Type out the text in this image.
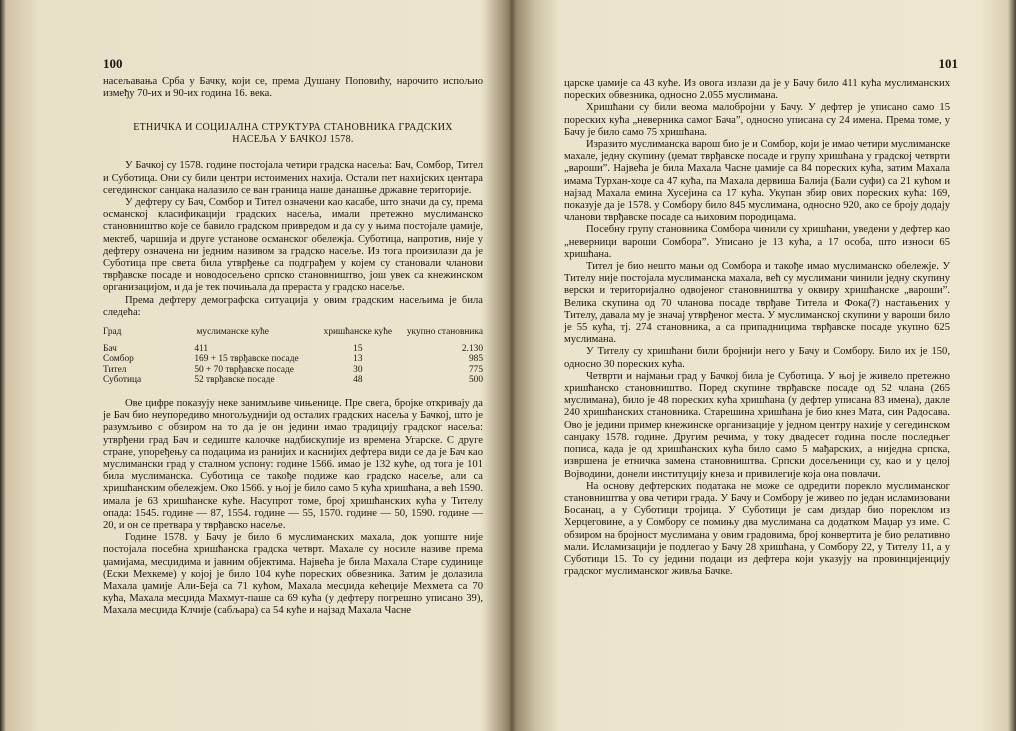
100

насељавања Срба у Бачку, који се, према Душану Поповићу, нарочито испољио између 70-их и 90-их година 16. века.

ЕТНИЧКА И СОЦИЈАЛНА СТРУКТУРА СТАНОВНИКА ГРАДСКИХ НАСЕЉА У БАЧКОЈ 1578.

У Бачкој су 1578. године постојала четири градска насеља: Бач, Сомбор, Тител и Суботица. Они су били центри истоимених нахија. Остали пет нахијских центара сегединског санџака налазило се ван граница наше данашње државне територије.

У дефтеру су Бач, Сомбор и Тител означени као касабе, што значи да су, према османској класификацији градских насеља, имали претежно муслиманско становништво које се бавило градском привредом и да су у њима постојале џамије, мектеб, чаршија и друге установе османског обележја. Суботица, напротив, није у дефтеру означена ни једним називом за градско насеље. Из тога произилази да је Суботица пре света била утврђење са подграђем у којем су становали чланови тврђавске посаде и новодосељено српско становништво, још увек са кнежинском организацијом, и да је тек почињала да прераста у градско насеље.

Према дефтеру демографска ситуација у овим градским насељима је била следећа:

Град	муслиманске куће	хришћанске куће	укупно становника
Бач	411	15	2.130
Сомбор	169 + 15 тврђавске посаде	13	985
Тител	50 + 70 тврђавске посаде	30	775
Суботица	52 тврђавске посаде	48	500

Ове цифре показују неке занимљиве чињенице. Пре свега, бројке откривају да је Бач био неупоредиво многољуднији од осталих градских насеља у Бачкој, што је разумљиво с обзиром на то да је он једини имао традицију градског насеља: утврђени град Бач и седиште калочке надбискупије из времена Угарске. С друге стране, упоређењу са подацима из ранијих и каснијих дефтера види се да је Бач као муслимански град у сталном успону: године 1566. имао је 132 куће, од тога је 101 била муслиманска. Суботица се такође подиже као градско насеље, али са хришћанским обележјем. Око 1566. у њој је било само 5 кућа хришћана, а већ 1590. имала је 63 хришћанске куће. Насупрот томе, број хришћанских кућа у Тителу опада: 1545. године — 87, 1554. године — 55, 1570. године — 50, 1590. године — 20, и он се претвара у тврђавско насеље.

Године 1578. у Бачу је било 6 муслиманских махала, док уопште није постојала посебна хришћанска градска четврт. Махале су носиле називе према џамијама, месџидима и јавним објектима. Највећа је била Махала Старе судинице (Ески Мехкеме) у којој је било 104 куће пореских обвезника. Затим је долазила Махала џамије Али-Беја са 71 кућом, Махала месџида кећецијe Мехмета са 70 кућа, Махала месџида Махмут-паше са 69 кућа (у дефтеру погрешно уписано 39), Махала месџида Клчије (сабљара) са 54 куће и најзад Махала Часне

101

царске џамије са 43 куће. Из овога излази да је у Бачу било 411 кућа муслиманских пореских обвезника, односно 2.055 муслимана.

Хришћани су били веома малобројни у Бачу. У дефтер је уписано само 15 пореских кућа „неверника самог Бача”, односно уписана су 24 имена. Према томе, у Бачу је било само 75 хришћана.

Изразито муслиманска варош био је и Сомбор, који је имао четири муслиманске махале, једну скупину (џемат тврђавске посаде и групу хришћана у градској четврти „вароши”. Највећа је била Махала Часне џамије са 84 пореских кућа, затим Махала имама Турхан-хоџе са 47 кућа, па Махала дервиша Балија (Бали суфи) са 21 кућом и најзад Махала емина Хусејина са 17 кућа. Укупан збир ових пореских кућа: 169, показује да је 1578. у Сомбору било 845 муслимана, односно 920, ако се броју додају чланови тврђавске посаде са њиховим породицама.

Посебну групу становника Сомбора чинили су хришћани, уведени у дефтер као „неверници вароши Сомбора”. Уписано је 13 кућа, а 17 особа, што износи 65 хришћана.

Тител је био нешто мањи од Сомбора и такође имао муслиманско обележје. У Тителу није постојала муслиманска махала, већ су муслимани чинили једну скупину верски и територијално одвојеног становништва у оквиру хришћанске „вароши”. Велика скупина од 70 чланова посаде тврђаве Титела и Фока(?) настањених у Тителу, давала му је значај утврђеног места. У муслиманској скупини у вароши било је 55 кућа, тј. 274 становника, а са припадницима тврђавске посаде укупно 625 муслимана.

У Тителу су хришћани били бројнији него у Бачу и Сомбору. Било их је 150, односно 30 пореских кућа.

Четврти и најмањи град у Бачкој била је Суботица. У њој је живело претежно хришћанско становништво. Поред скупине тврђавске посаде од 52 члана (265 муслимана), било је 48 пореских кућа хришћана (у дефтер уписана 83 имена), дакле 240 хришћанских становника. Старешина хришћана је био кнез Мата, син Радосава. Ово је једини пример кнежинске организације у једном центру нахије у сегединском санџаку 1578. године. Другим речима, у току двадесет година после последњег пописа, када је од хришћанских кућа било само 5 мађарских, а ниједна српска, извршена је етничка замена становништва. Српски досељеници су, као и у целој Војводини, донели институцију кнеза и привилегије која она повлачи.

На основу дефтерских података не може се одредити порекло муслиманског становништва у ова четири града. У Бачу и Сомбору је живео по један исламизовани Босанац, а у Суботици тројица. У Суботици је сам диздар био пореклом из Херцеговине, а у Сомбору се помињу два муслимана са додатком Маџар уз име. С обзиром на бројност муслимана у овим градовима, број конвертита је био релативно мали. Исламизацији је подлегао у Бачу 28 хришћана, у Сомбору 22, у Тителу 11, а у Суботици 15. То су једини подаци из дефтера који указују на провинцијенцију градског муслиманског живља Бачке.
